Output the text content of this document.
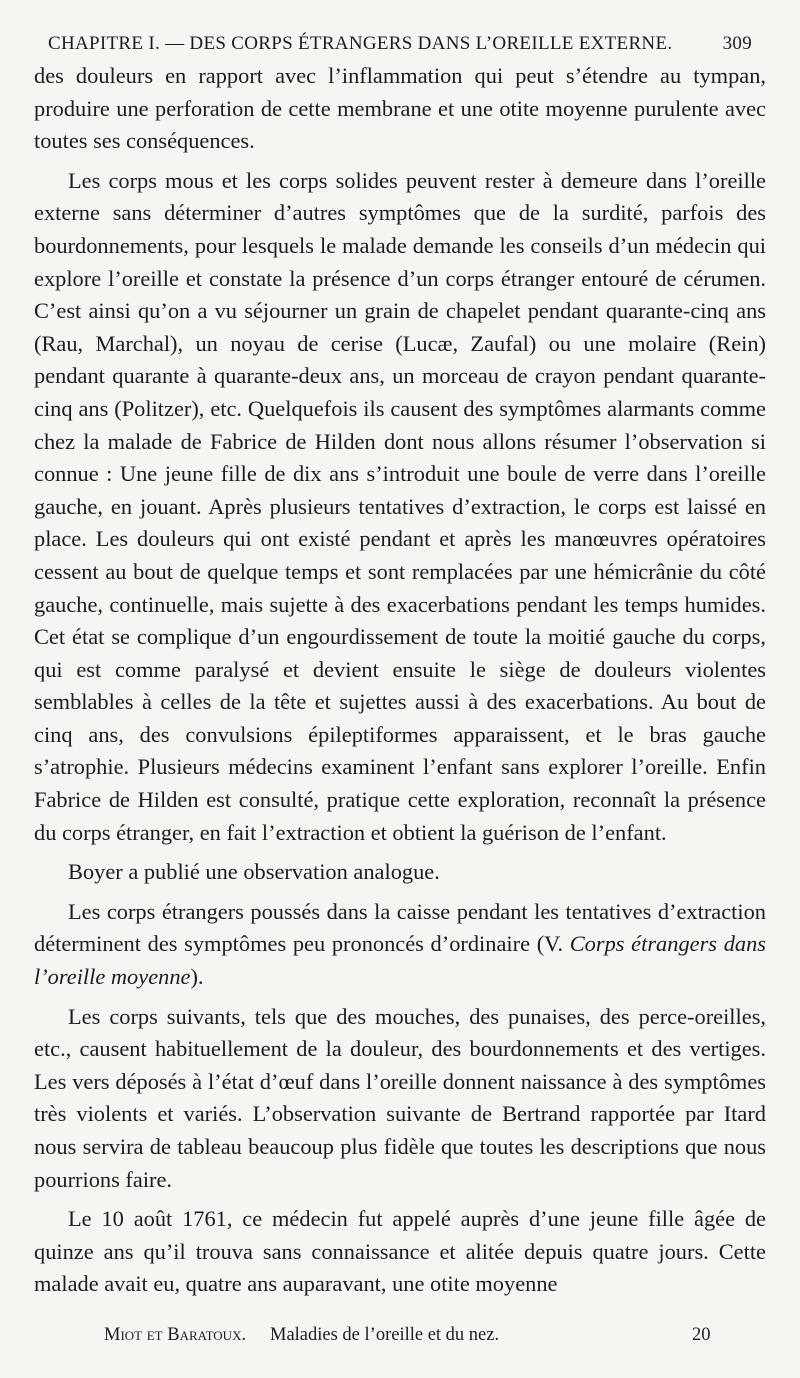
CHAPITRE I. — DES CORPS ÉTRANGERS DANS L’OREILLE EXTERNE.	309

des douleurs en rapport avec l’inflammation qui peut s’étendre au tympan, produire une perforation de cette membrane et une otite moyenne purulente avec toutes ses conséquences.

Les corps mous et les corps solides peuvent rester à demeure dans l’oreille externe sans déterminer d’autres symptômes que de la surdité, parfois des bourdonnements, pour lesquels le malade demande les conseils d’un médecin qui explore l’oreille et constate la présence d’un corps étranger entouré de cérumen. C’est ainsi qu’on a vu séjourner un grain de chapelet pendant quarante-cinq ans (Rau, Marchal), un noyau de cerise (Lucæ, Zaufal) ou une molaire (Rein) pendant quarante à quarante-deux ans, un morceau de crayon pendant quarante-cinq ans (Politzer), etc. Quelquefois ils causent des symptômes alarmants comme chez la malade de Fabrice de Hilden dont nous allons résumer l’observation si connue : Une jeune fille de dix ans s’introduit une boule de verre dans l’oreille gauche, en jouant. Après plusieurs tentatives d’extraction, le corps est laissé en place. Les douleurs qui ont existé pendant et après les manœuvres opératoires cessent au bout de quelque temps et sont remplacées par une hémicrânie du côté gauche, continuelle, mais sujette à des exacerbations pendant les temps humides. Cet état se complique d’un engourdissement de toute la moitié gauche du corps, qui est comme paralysé et devient ensuite le siège de douleurs violentes semblables à celles de la tête et sujettes aussi à des exacerbations. Au bout de cinq ans, des convulsions épileptiformes apparaissent, et le bras gauche s’atrophie. Plusieurs médecins examinent l’enfant sans explorer l’oreille. Enfin Fabrice de Hilden est consulté, pratique cette exploration, reconnaît la présence du corps étranger, en fait l’extraction et obtient la guérison de l’enfant.

Boyer a publié une observation analogue.

Les corps étrangers poussés dans la caisse pendant les tentatives d’extraction déterminent des symptômes peu prononcés d’ordinaire (V. Corps étrangers dans l’oreille moyenne).

Les corps suivants, tels que des mouches, des punaises, des perce-oreilles, etc., causent habituellement de la douleur, des bourdonnements et des vertiges. Les vers déposés à l’état d’œuf dans l’oreille donnent naissance à des symptômes très violents et variés. L’observation suivante de Bertrand rapportée par Itard nous servira de tableau beaucoup plus fidèle que toutes les descriptions que nous pourrions faire.

Le 10 août 1761, ce médecin fut appelé auprès d’une jeune fille âgée de quinze ans qu’il trouva sans connaissance et alitée depuis quatre jours. Cette malade avait eu, quatre ans auparavant, une otite moyenne

Miot et Baratoux. Maladies de l’oreille et du nez.	20
